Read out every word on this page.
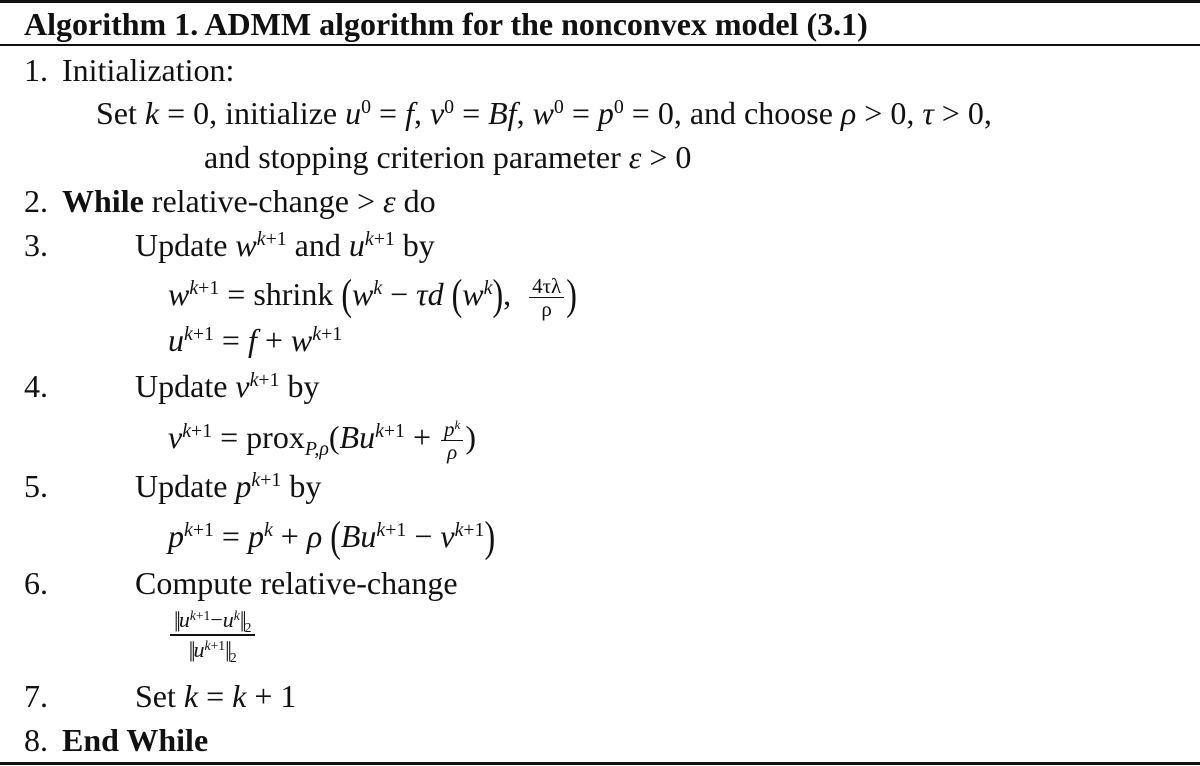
Algorithm 1. ADMM algorithm for the nonconvex model (3.1)
1. Initialization:
Set k = 0, initialize $u^0 = f$, $v^0 = Bf$, $w^0 = p^0 = 0$, and choose ρ > 0, τ > 0,
and stopping criterion parameter ε > 0
2. While relative-change > ε do
3.	Update $w^{k+1}$ and $u^{k+1}$ by
$w^{k+1}$ = shrink ($w^k - \tau d$ $(w^k)$, $\frac{4\tau\lambda}{\rho}$ )
$u^{k+1} = f + w^{k+1}$
4.	Update $v^{k+1}$ by
$v^{k+1}$ = $prox_{P,\rho}(Bu^{k+1} + \frac{p^k}{\rho}$ )
5.	Update $p^{k+1}$ by
$p^{k+1} = p^k + \rho$ $(Bu^{k+1} - v^{k+1})$
6.	Compute relative-change
$||u^{k+1}-u^k||_2$
$||u^{k+1}||_2$
7.	Set k = k + 1
8. End While
